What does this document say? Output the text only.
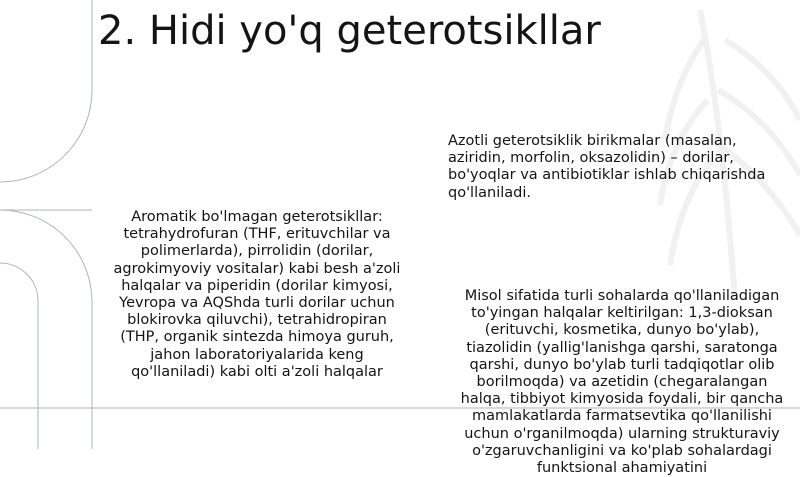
2. Hidi yo'q geterotsikllar

Aromatik bo'lmagan geterotsikllar: tetrahydrofuran (THF, erituvchilar va polimerlarda), pirrolidin (dorilar, agrokimyoviy vositalar) kabi besh a'zoli halqalar va piperidin (dorilar kimyosi, Yevropa va AQShda turli dorilar uchun blokirovka qiluvchi), tetrahidropiran (THP, organik sintezda himoya guruh, jahon laboratoriyalarida keng qo'llaniladi) kabi olti a'zoli halqalar

Azotli geterotsiklik birikmalar (masalan, aziridin, morfolin, oksazolidin) – dorilar, bo'yoqlar va antibiotiklar ishlab chiqarishda qo'llaniladi.

Misol sifatida turli sohalarda qo'llaniladigan to'yingan halqalar keltirilgan: 1,3-dioksan (erituvchi, kosmetika, dunyo bo'ylab), tiazolidin (yallig'lanishga qarshi, saratonga qarshi, dunyo bo'ylab turli tadqiqotlar olib borilmoqda) va azetidin (chegaralangan halqa, tibbiyot kimyosida foydali, bir qancha mamlakatlarda farmatsevtika qo'llanilishi uchun o'rganilmoqda) ularning strukturaviy o'zgaruvchanligini va ko'plab sohalardagi funktsional ahamiyatini
